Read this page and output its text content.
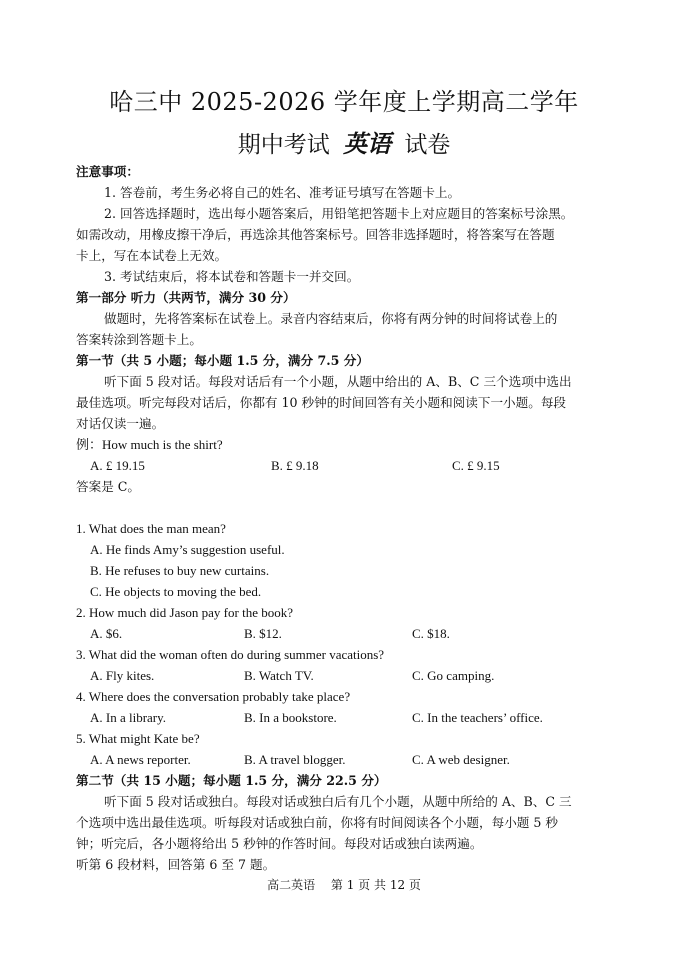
哈三中 2025-2026 学年度上学期高二学年
期中考试 英语 试卷
注意事项：
1. 答卷前，考生务必将自己的姓名、准考证号填写在答题卡上。
2. 回答选择题时，选出每小题答案后，用铅笔把答题卡上对应题目的答案标号涂黑。
如需改动，用橡皮擦干净后，再选涂其他答案标号。回答非选择题时，将答案写在答题
卡上，写在本试卷上无效。
3. 考试结束后，将本试卷和答题卡一并交回。
第一部分 听力（共两节，满分 30 分）
做题时，先将答案标在试卷上。录音内容结束后，你将有两分钟的时间将试卷上的
答案转涂到答题卡上。
第一节（共 5 小题；每小题 1.5 分，满分 7.5 分）
听下面 5 段对话。每段对话后有一个小题，从题中给出的 A、B、C 三个选项中选出
最佳选项。听完每段对话后，你都有 10 秒钟的时间回答有关小题和阅读下一小题。每段
对话仅读一遍。
例：How much is the shirt?
A. £ 19.15	B. £ 9.18	C. £ 9.15
答案是 C。
1. What does the man mean?
A. He finds Amy’s suggestion useful.
B. He refuses to buy new curtains.
C. He objects to moving the bed.
2. How much did Jason pay for the book?
A. $6.	B. $12.	C. $18.
3. What did the woman often do during summer vacations?
A. Fly kites.	B. Watch TV.	C. Go camping.
4. Where does the conversation probably take place?
A. In a library.	B. In a bookstore.	C. In the teachers’ office.
5. What might Kate be?
A. A news reporter.	B. A travel blogger.	C. A web designer.
第二节（共 15 小题；每小题 1.5 分，满分 22.5 分）
听下面 5 段对话或独白。每段对话或独白后有几个小题，从题中所给的 A、B、C 三
个选项中选出最佳选项。听每段对话或独白前，你将有时间阅读各个小题，每小题 5 秒
钟；听完后，各小题将给出 5 秒钟的作答时间。每段对话或独白读两遍。
听第 6 段材料，回答第 6 至 7 题。
高二英语 第 1 页 共 12 页
